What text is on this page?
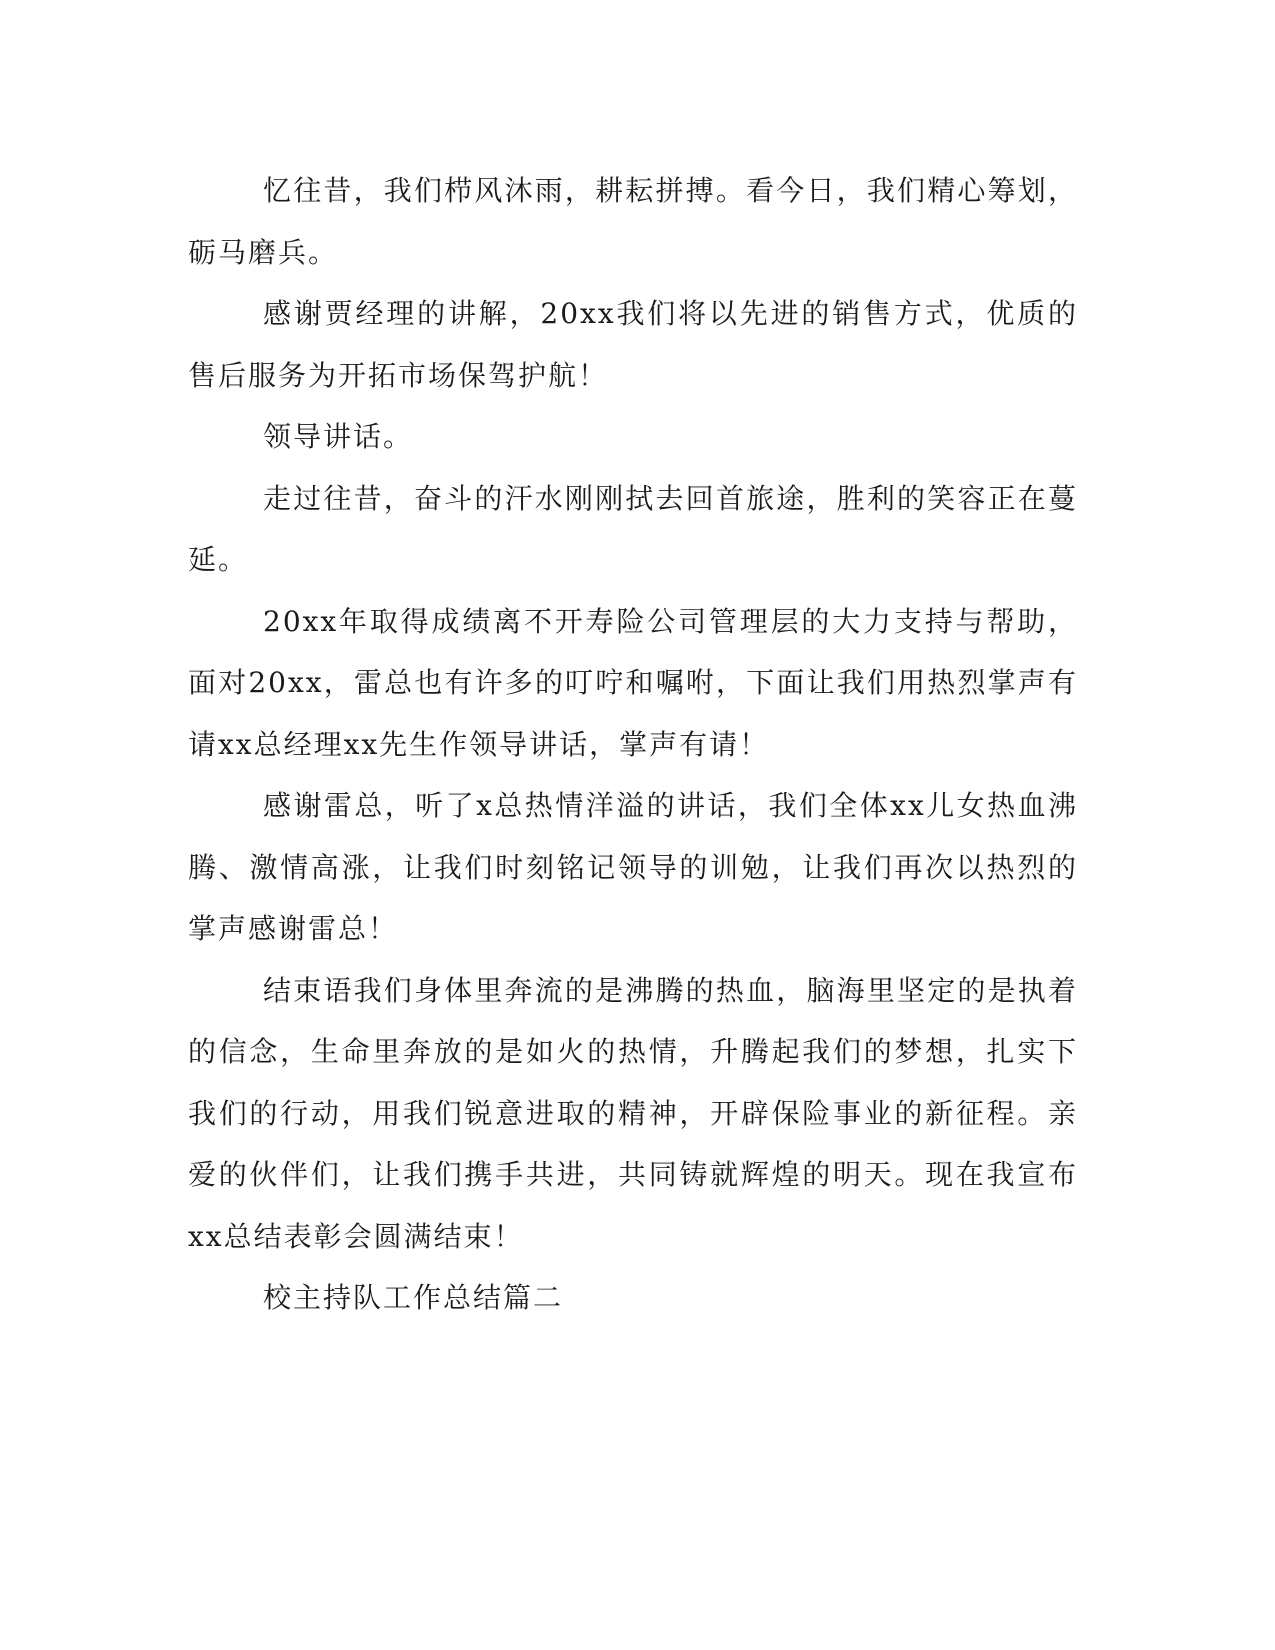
忆往昔，我们栉风沐雨，耕耘拼搏。看今日，我们精心筹划，砺马磨兵。

感谢贾经理的讲解，20xx我们将以先进的销售方式，优质的售后服务为开拓市场保驾护航！

领导讲话。

走过往昔，奋斗的汗水刚刚拭去回首旅途，胜利的笑容正在蔓延。

20xx年取得成绩离不开寿险公司管理层的大力支持与帮助，面对20xx，雷总也有许多的叮咛和嘱咐，下面让我们用热烈掌声有请xx总经理xx先生作领导讲话，掌声有请！

感谢雷总，听了x总热情洋溢的讲话，我们全体xx儿女热血沸腾、激情高涨，让我们时刻铭记领导的训勉，让我们再次以热烈的掌声感谢雷总！

结束语我们身体里奔流的是沸腾的热血，脑海里坚定的是执着的信念，生命里奔放的是如火的热情，升腾起我们的梦想，扎实下我们的行动，用我们锐意进取的精神，开辟保险事业的新征程。亲爱的伙伴们，让我们携手共进，共同铸就辉煌的明天。现在我宣布xx总结表彰会圆满结束！

校主持队工作总结篇二
